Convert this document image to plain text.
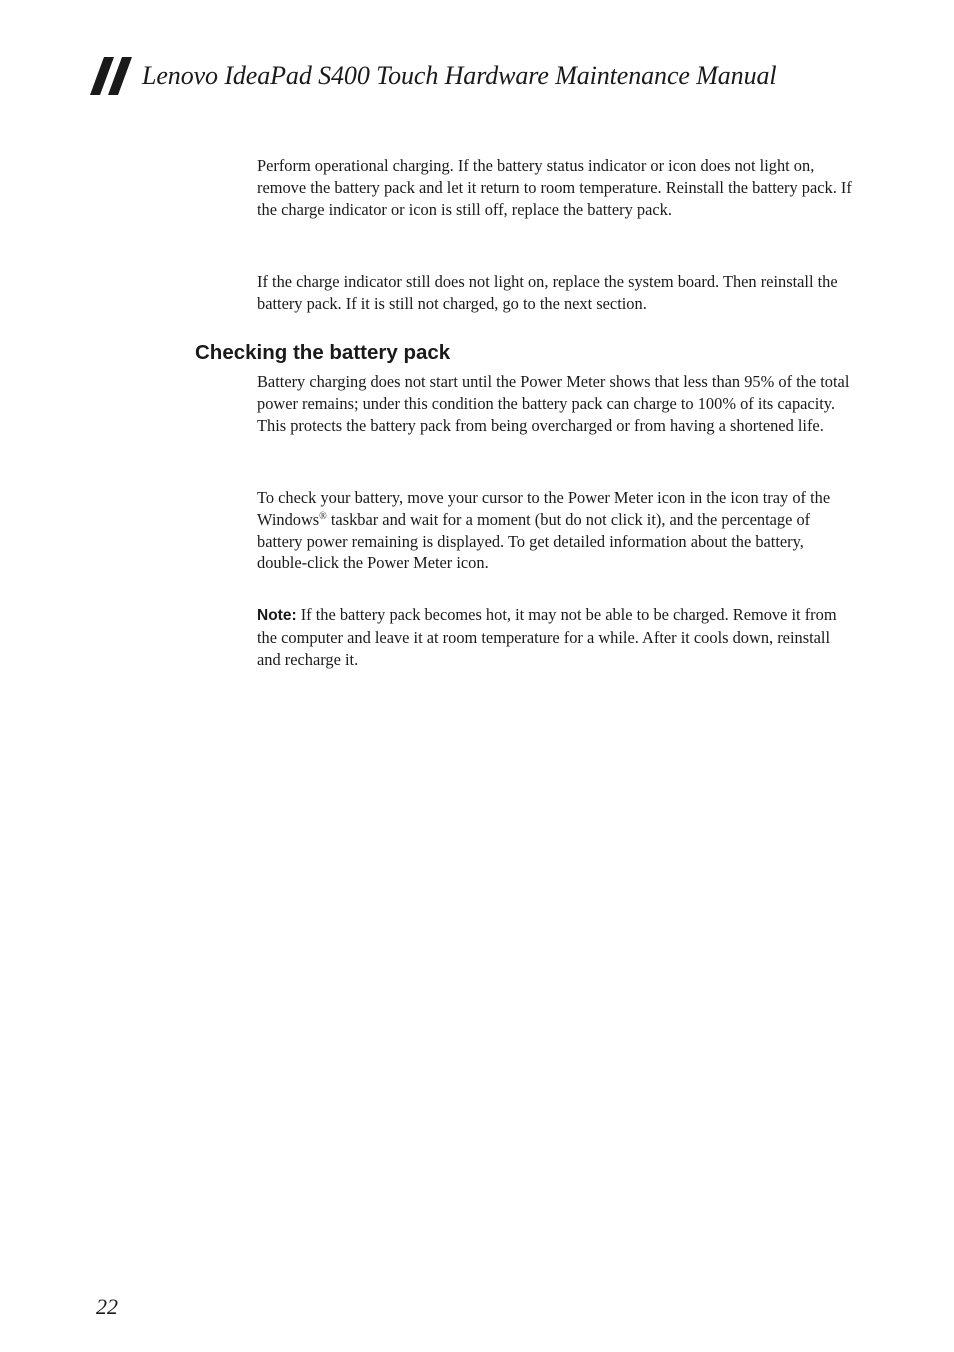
Lenovo IdeaPad S400 Touch Hardware Maintenance Manual

Perform operational charging. If the battery status indicator or icon does not light on, remove the battery pack and let it return to room temperature. Reinstall the battery pack. If the charge indicator or icon is still off, replace the battery pack.

If the charge indicator still does not light on, replace the system board. Then reinstall the battery pack. If it is still not charged, go to the next section.

Checking the battery pack

Battery charging does not start until the Power Meter shows that less than 95% of the total power remains; under this condition the battery pack can charge to 100% of its capacity. This protects the battery pack from being overcharged or from having a shortened life.

To check your battery, move your cursor to the Power Meter icon in the icon tray of the Windows® taskbar and wait for a moment (but do not click it), and the percentage of battery power remaining is displayed. To get detailed information about the battery, double-click the Power Meter icon.

Note: If the battery pack becomes hot, it may not be able to be charged. Remove it from the computer and leave it at room temperature for a while. After it cools down, reinstall and recharge it.

22
